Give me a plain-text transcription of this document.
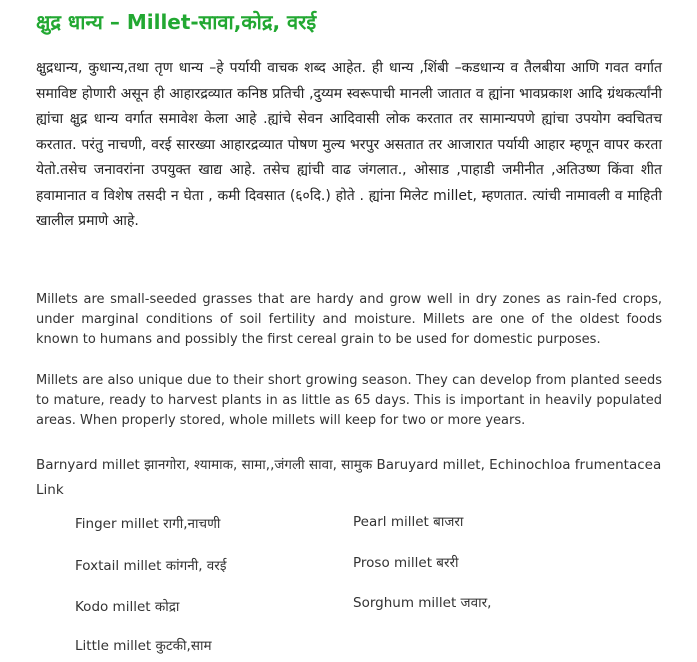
क्षुद्र धान्य – Millet-सावा,कोद्र, वरई
क्षुद्रधान्य, कुधान्य,तथा तृण धान्य –हे पर्यायी वाचक शब्द आहेत. ही धान्य ,शिंबी –कडधान्य व तैलबीया आणि गवत वर्गात समाविष्ट होणारी असून ही आहारद्रव्यात कनिष्ठ प्रतिची ,दुय्यम स्वरूपाची मानली जातात व ह्यांना भावप्रकाश आदि ग्रंथकर्त्यांनी ह्यांचा क्षुद्र धान्य वर्गात समावेश केला आहे .ह्यांचे सेवन आदिवासी लोक करतात तर सामान्यपणे ह्यांचा उपयोग क्वचितच करतात. परंतु नाचणी, वरई सारख्या आहारद्रव्यात पोषण मुल्य भरपुर असतात तर आजारात पर्यायी आहार म्हणून वापर करता येतो.तसेच जनावरांना उपयुक्त खाद्य आहे. तसेच ह्यांची वाढ जंगलात., ओसाड ,पाहाडी जमीनीत ,अतिउष्ण किंवा शीत हवामानात व विशेष तसदी न घेता , कमी दिवसात (६०दि.) होते . ह्यांना मिलेट millet, म्हणतात. त्यांची नामावली व माहिती खालील प्रमाणे आहे.
Millets are small-seeded grasses that are hardy and grow well in dry zones as rain-fed crops, under marginal conditions of soil fertility and moisture. Millets are one of the oldest foods known to humans and possibly the first cereal grain to be used for domestic purposes.
Millets are also unique due to their short growing season. They can develop from planted seeds to mature, ready to harvest plants in as little as 65 days. This is important in heavily populated areas. When properly stored, whole millets will keep for two or more years.
Barnyard millet झानगोरा, श्यामाक, सामा,,जंगली सावा, सामुक Baruyard millet, Echinochloa frumentacea Link
Finger millet रागी,नाचणी
Foxtail millet कांगनी, वरई
Kodo millet कोद्रा
Little millet कुटकी,साम
Pearl millet बाजरा
Proso millet बररी
Sorghum millet जवार,
